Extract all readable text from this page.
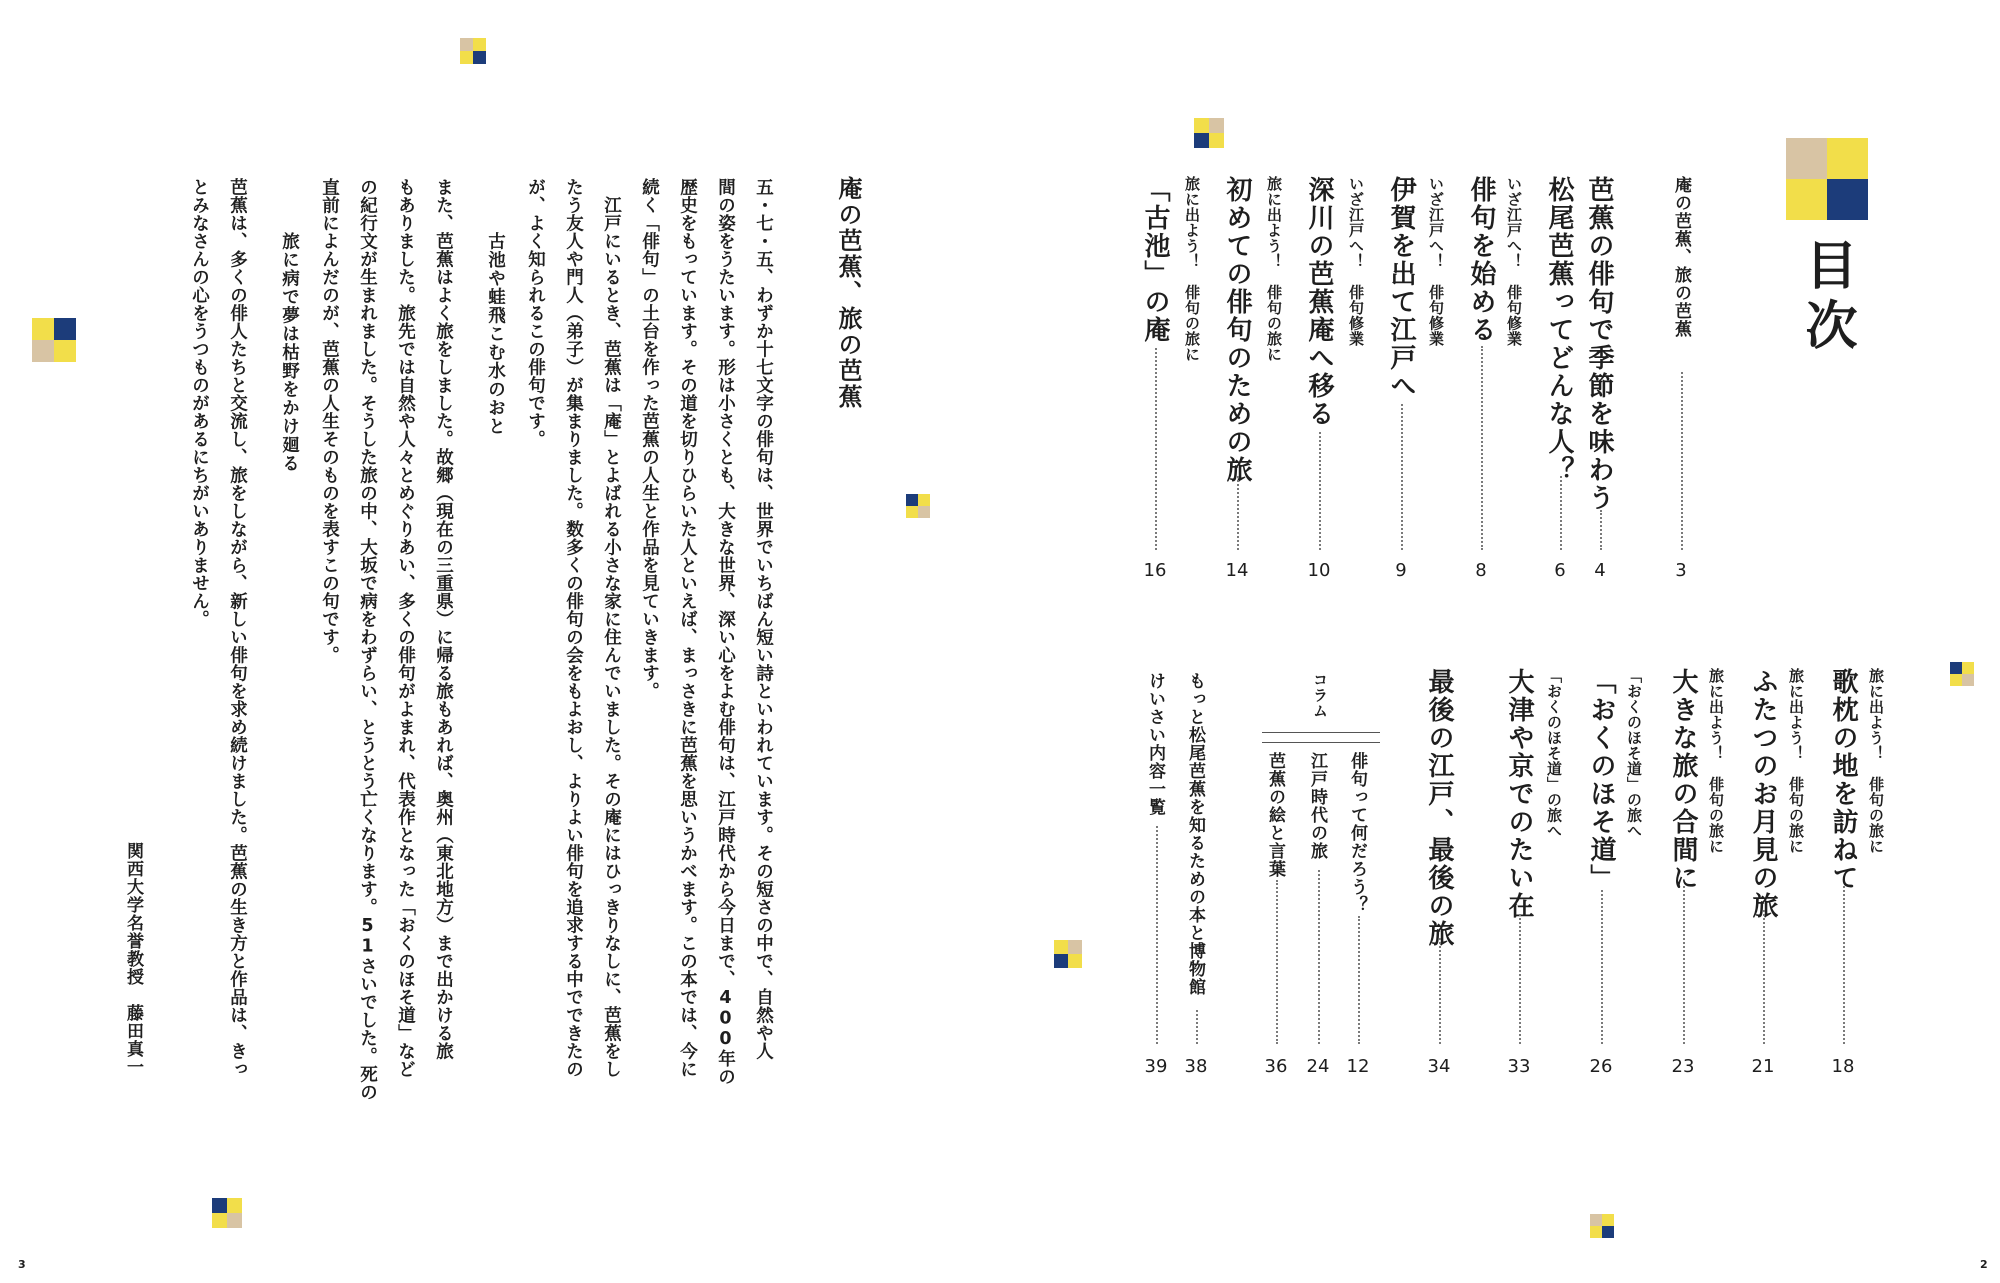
庵の芭蕉、旅の芭蕉
五・七・五、わずか十七文字の俳句は、世界でいちばん短い詩といわれています。その短さの中で、自然や人
間の姿をうたいます。形は小さくとも、大きな世界、深い心をよむ俳句は、江戸時代から今日まで、400年の
歴史をもっています。その道を切りひらいた人といえば、まっさきに芭蕉を思いうかべます。この本では、今に
続く「俳句」の土台を作った芭蕉の人生と作品を見ていきます。
　江戸にいるとき、芭蕉は「庵」とよばれる小さな家に住んでいました。その庵にはひっきりなしに、芭蕉をし
たう友人や門人（弟子）が集まりました。数多くの俳句の会をもよおし、よりよい俳句を追求する中でできたの
が、よく知られるこの俳句です。
古池や蛙飛こむ水のおと
また、芭蕉はよく旅をしました。故郷（現在の三重県）に帰る旅もあれば、奥州（東北地方）まで出かける旅
もありました。旅先では自然や人々とめぐりあい、多くの俳句がよまれ、代表作となった「おくのほそ道」など
の紀行文が生まれました。そうした旅の中、大坂で病をわずらい、とうとう亡くなります。51さいでした。死の
直前によんだのが、芭蕉の人生そのものを表すこの句です。
旅に病で夢は枯野をかけ廻る
芭蕉は、多くの俳人たちと交流し、旅をしながら、新しい俳句を求め続けました。芭蕉の生き方と作品は、きっ
とみなさんの心をうつものがあるにちがいありません。
関西大学名誉教授　藤田真一
3
目次
庵の芭蕉、旅の芭蕉
3
芭蕉の俳句で季節を味わう
4
松尾芭蕉ってどんな人？
6
いざ江戸へ！　俳句修業
俳句を始める
8
いざ江戸へ！　俳句修業
伊賀を出て江戸へ
9
いざ江戸へ！　俳句修業
深川の芭蕉庵へ移る
10
旅に出よう！　俳句の旅に
初めての俳句のための旅
14
旅に出よう！　俳句の旅に
「古池」の庵
16
旅に出よう！　俳句の旅に
歌枕の地を訪ねて
18
旅に出よう！　俳句の旅に
ふたつのお月見の旅
21
旅に出よう！　俳句の旅に
大きな旅の合間に
23
「おくのほそ道」の旅へ
「おくのほそ道」
26
「おくのほそ道」の旅へ
大津や京でのたい在
33
最後の江戸、最後の旅
34
コラム
俳句って何だろう？
12
江戸時代の旅
24
芭蕉の絵と言葉
36
もっと松尾芭蕉を知るための本と博物館
38
けいさい内容一覧
39
2
